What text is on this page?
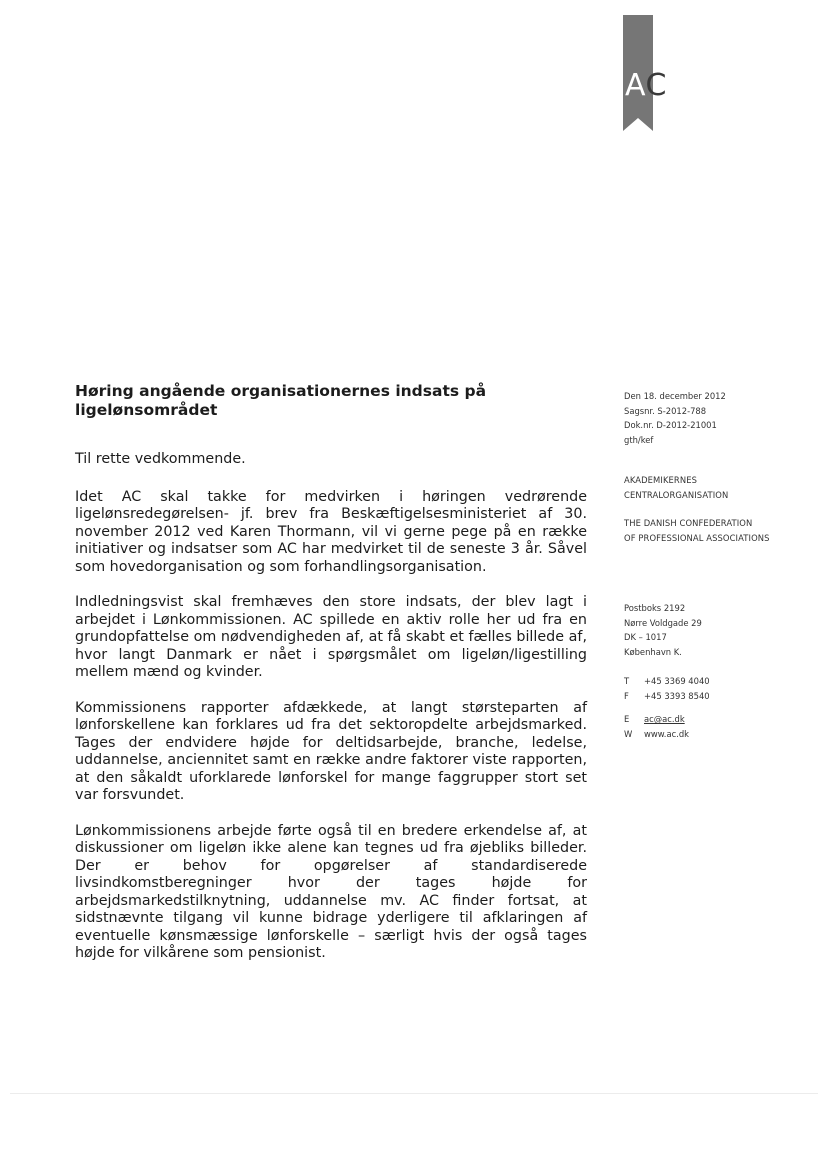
AC
Høring angående organisationernes indsats på ligelønsområdet

Til rette vedkommende.

Idet AC skal takke for medvirken i høringen vedrørende ligelønsredegørelsen- jf. brev fra Beskæftigelsesministeriet af 30. november 2012 ved Karen Thormann, vil vi gerne pege på en række initiativer og indsatser som AC har medvirket til de seneste 3 år. Såvel som hovedorganisation og som forhandlingsorganisation.

Indledningsvist skal fremhæves den store indsats, der blev lagt i arbejdet i Lønkommissionen. AC spillede en aktiv rolle her ud fra en grundopfattelse om nødvendigheden af, at få skabt et fælles billede af, hvor langt Danmark er nået i spørgsmålet om ligeløn/ligestilling mellem mænd og kvinder.

Kommissionens rapporter afdækkede, at langt størsteparten af lønforskellene kan forklares ud fra det sektoropdelte arbejdsmarked. Tages der endvidere højde for deltidsarbejde, branche, ledelse, uddannelse, anciennitet samt en række andre faktorer viste rapporten, at den såkaldt uforklarede lønforskel for mange faggrupper stort set var forsvundet.

Lønkommissionens arbejde førte også til en bredere erkendelse af, at diskussioner om ligeløn ikke alene kan tegnes ud fra øjebliks billeder. Der er behov for opgørelser af standardiserede livsindkomstberegninger hvor der tages højde for arbejdsmarkedstilknytning, uddannelse mv. AC finder fortsat, at sidstnævnte tilgang vil kunne bidrage yderligere til afklaringen af eventuelle kønsmæssige lønforskelle – særligt hvis der også tages højde for vilkårene som pensionist.

Den 18. december 2012
Sagsnr. S-2012-788
Dok.nr. D-2012-21001
gth/kef
AKADEMIKERNES
CENTRALORGANISATION
THE DANISH CONFEDERATION
OF PROFESSIONAL ASSOCIATIONS
Postboks 2192
Nørre Voldgade 29
DK – 1017
København K.
T	+45 3369 4040
F	+45 3393 8540
E	ac@ac.dk
W	www.ac.dk
